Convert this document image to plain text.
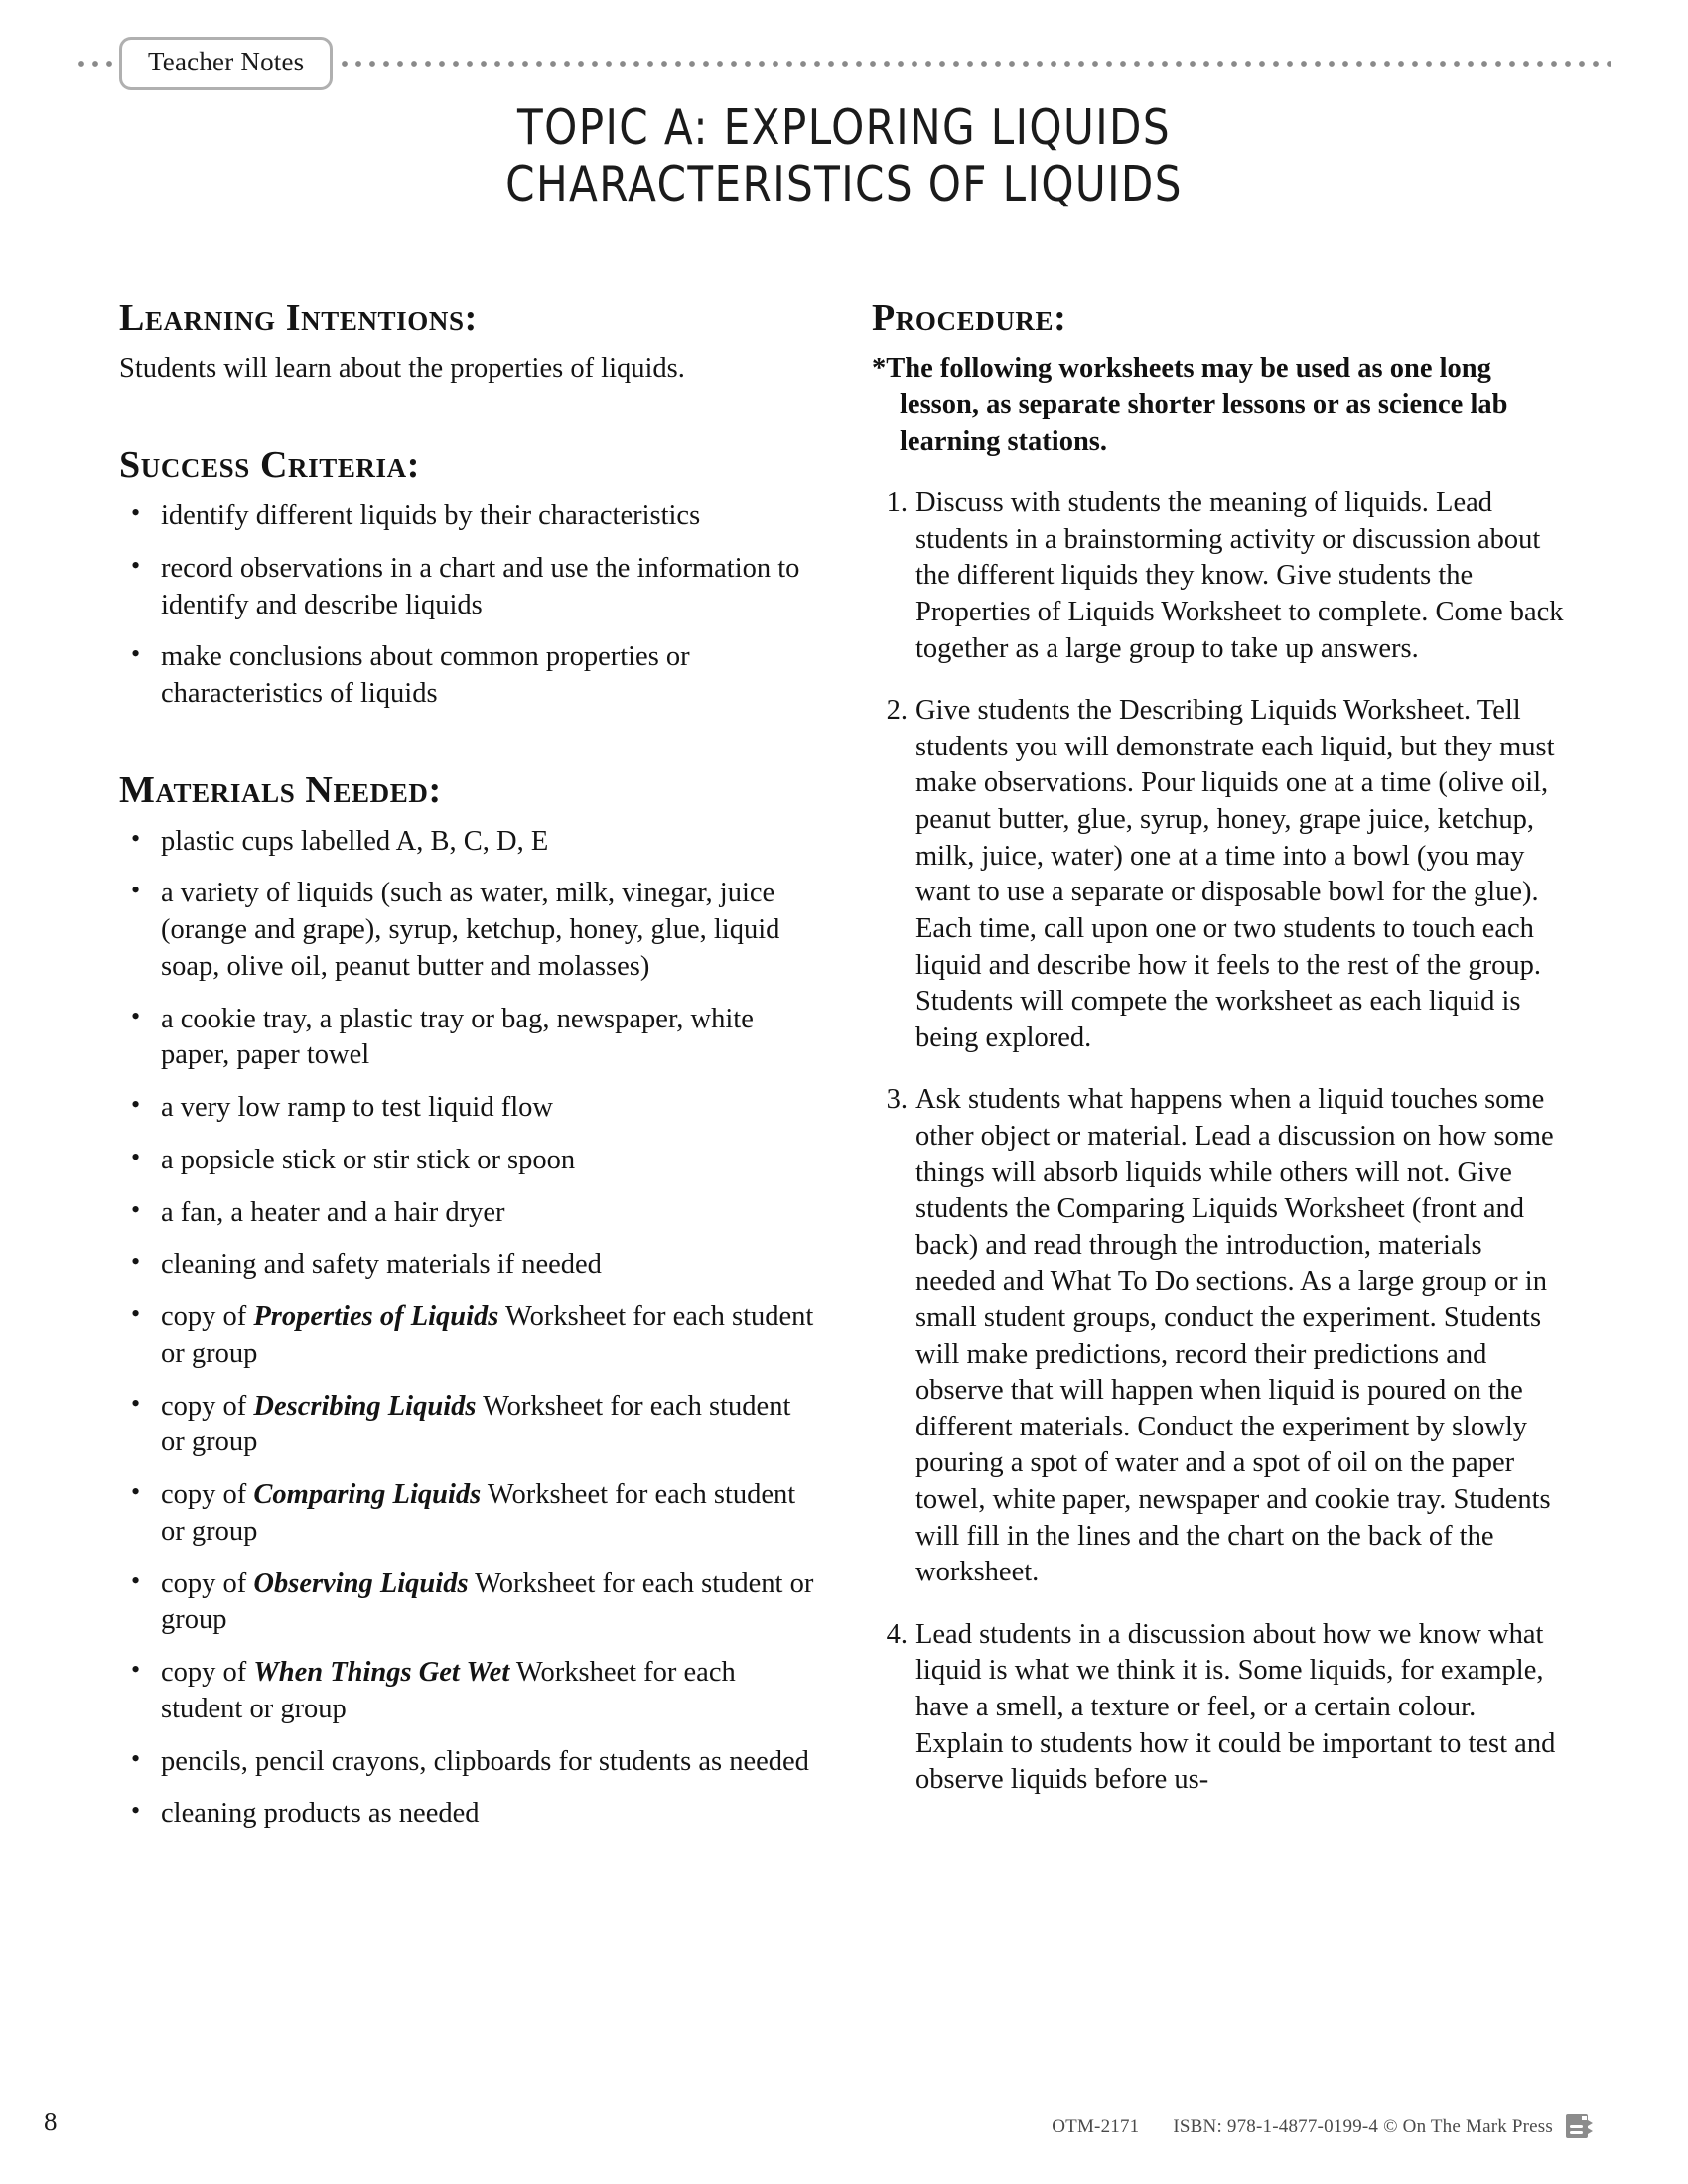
Teacher Notes
TOPIC A: EXPLORING LIQUIDS
CHARACTERISTICS OF LIQUIDS
Learning Intentions:

Students will learn about the properties of liquids.

Success Criteria:
• identify different liquids by their characteristics
• record observations in a chart and use the information to identify and describe liquids
• make conclusions about common properties or characteristics of liquids
Materials Needed:
• plastic cups labelled A, B, C, D, E
• a variety of liquids (such as water, milk, vinegar, juice (orange and grape), syrup, ketchup, honey, glue, liquid soap, olive oil, peanut butter and molasses)
• a cookie tray, a plastic tray or bag, newspaper, white paper, paper towel
• a very low ramp to test liquid flow
• a popsicle stick or stir stick or spoon
• a fan, a heater and a hair dryer
• cleaning and safety materials if needed
• copy of Properties of Liquids Worksheet for each student or group
• copy of Describing Liquids Worksheet for each student or group
• copy of Comparing Liquids Worksheet for each student or group
• copy of Observing Liquids Worksheet for each student or group
• copy of When Things Get Wet Worksheet for each student or group
• pencils, pencil crayons, clipboards for students as needed
• cleaning products as needed
Procedure:

*The following worksheets may be used as one long lesson, as separate shorter lessons or as science lab learning stations.

Discuss with students the meaning of liquids. Lead students in a brainstorming activity or discussion about the different liquids they know. Give students the Properties of Liquids Worksheet to complete. Come back together as a large group to take up answers.
Give students the Describing Liquids Worksheet. Tell students you will demonstrate each liquid, but they must make observations. Pour liquids one at a time (olive oil, peanut butter, glue, syrup, honey, grape juice, ketchup, milk, juice, water) one at a time into a bowl (you may want to use a separate or disposable bowl for the glue). Each time, call upon one or two students to touch each liquid and describe how it feels to the rest of the group. Students will compete the worksheet as each liquid is being explored.
Ask students what happens when a liquid touches some other object or material. Lead a discussion on how some things will absorb liquids while others will not. Give students the Comparing Liquids Worksheet (front and back) and read through the introduction, materials needed and What To Do sections. As a large group or in small student groups, conduct the experiment. Students will make predictions, record their predictions and observe that will happen when liquid is poured on the different materials. Conduct the experiment by slowly pouring a spot of water and a spot of oil on the paper towel, white paper, newspaper and cookie tray. Students will fill in the lines and the chart on the back of the worksheet.
Lead students in a discussion about how we know what liquid is what we think it is. Some liquids, for example, have a smell, a texture or feel, or a certain colour. Explain to students how it could be important to test and observe liquids before us-
8	OTM-2171 ISBN: 978-1-4877-0199-4 © On The Mark Press
